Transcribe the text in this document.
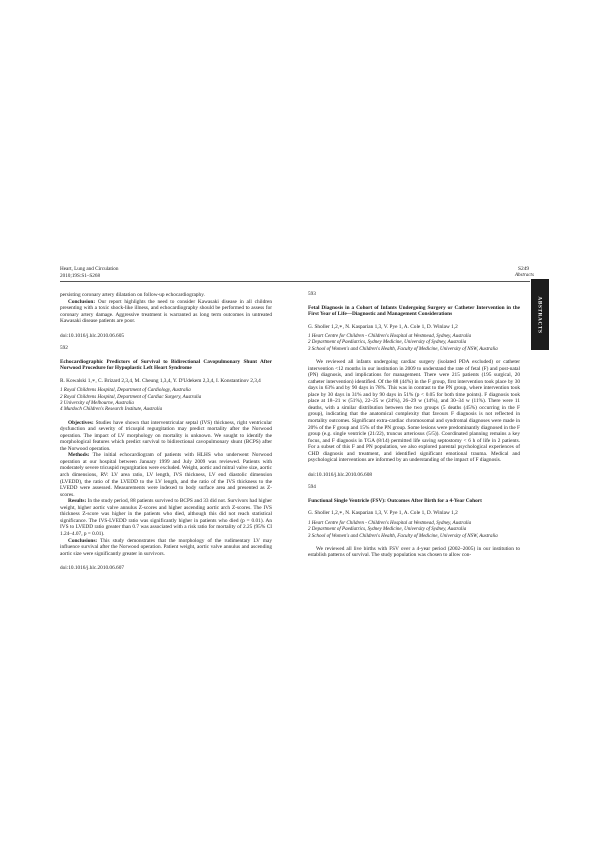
Heart, Lung and Circulation
2010;19S:S1–S268
S249
Abstracts
ABSTRACTS

persisting coronary artery dilatation on follow-up echocardiography.

Conclusion: Our report highlights the need to consider Kawasaki disease in all children presenting with a toxic shock-like illness, and echocardiography should be performed to assess for coronary artery damage. Aggressive treatment is warranted as long term outcomes in untreated Kawasaki disease patients are poor.

doi:10.1016/j.hlc.2010.06.605

592

Echocardiographic Predictors of Survival to Bidirectional Cavopulmonary Shunt After Norwood Procedure for Hypoplastic Left Heart Syndrome

R. Kowalski 1,∗, C. Brizard 2,3,4, M. Cheung 1,3,4, Y. D'Udekem 2,3,4, I. Konstantinov 2,3,4

1 Royal Childrens Hospital, Department of Cardiology, Australia
2 Royal Childrens Hospital, Department of Cardiac Surgery, Australia
3 University of Melbourne, Australia
4 Murdoch Children's Research Institute, Australia

Objectives: Studies have shown that interventricular septal (IVS) thickness, right ventricular dysfunction and severity of tricuspid regurgitation may predict mortality after the Norwood operation. The impact of LV morphology on mortality is unknown. We sought to identify the morphological features which predict survival to bidirectional cavopulmonary shunt (BCPS) after the Norwood operation.

Methods: The initial echocardiogram of patients with HLHS who underwent Norwood operation at our hospital between January 1999 and July 2009 was reviewed. Patients with moderately severe tricuspid regurgitation were excluded. Weight, aortic and mitral valve size, aortic arch dimensions, RV: LV area ratio, LV length, IVS thickness, LV end diastolic dimension (LVEDD), the ratio of the LVEDD to the LV length, and the ratio of the IVS thickness to the LVEDD were assessed. Measurements were indexed to body surface area and presented as Z-scores.

Results: In the study period, 88 patients survived to BCPS and 33 did not. Survivors had higher weight, higher aortic valve annulus Z-scores and higher ascending aortic arch Z-scores. The IVS thickness Z-score was higher in the patients who died, although this did not reach statistical significance. The IVS-LVEDD ratio was significantly higher in patients who died (p = 0.01). An IVS to LVEDD ratio greater than 0.7 was associated with a risk ratio for mortality of 2.25 (95% CI 1.24–4.07, p = 0.01).

Conclusions: This study demonstrates that the morphology of the rudimentary LV may influence survival after the Norwood operation. Patient weight, aortic valve annulus and ascending aortic size were significantly greater in survivors.

doi:10.1016/j.hlc.2010.06.607

593

Fetal Diagnosis in a Cohort of Infants Undergoing Surgery or Catheter Intervention in the First Year of Life—Diagnostic and Management Considerations

G. Sholler 1,2,∗, N. Kasparian 1,3, V. Pye 1, A. Cole 1, D. Winlaw 1,2

1 Heart Centre for Children - Children's Hospital at Westmead, Sydney, Australia
2 Department of Paediatrics, Sydney Medicine, University of Sydney, Australia
3 School of Women's and Children's Health, Faculty of Medicine, University of NSW, Australia

We reviewed all infants undergoing cardiac surgery (isolated PDA excluded) or catheter intervention <12 months in our institution in 2009 to understand the rate of fetal (F) and post-natal (PN) diagnosis, and implications for management. There were 215 patients (195 surgical, 20 catheter intervention) identified. Of the 88 (44%) in the F group, first intervention took place by 30 days in 63% and by 90 days in 78%. This was in contrast to the PN group, where intervention took place by 30 days in 31% and by 90 days in 51% (p < 0.05 for both time points). F diagnosis took place at 18–21 w (51%), 22–25 w (24%), 26–29 w (14%), and 30–34 w (11%). There were 11 deaths, with a similar distribution between the two groups (5 deaths (45%) occurring in the F group), indicating that the anatomical complexity that favours F diagnosis is not reflected in mortality outcomes. Significant extra-cardiac chromosomal and syndromal diagnoses were made in 20% of the F group and 15% of the PN group. Some lesions were predominantly diagnosed in the F group (e.g. single ventricle (21/22), truncus arteriosus (5/5)). Coordinated planning remains a key focus, and F diagnosis in TGA (8/14) permitted life saving septostomy < 6 h of life in 2 patients. For a subset of this F and PN population, we also explored parental psychological experiences of CHD diagnosis and treatment, and identified significant emotional trauma. Medical and psychological interventions are informed by an understanding of the impact of F diagnosis.

doi:10.1016/j.hlc.2010.06.608

594

Functional Single Ventricle (FSV): Outcomes After Birth for a 4-Year Cohort

G. Sholler 1,2,∗, N. Kasparian 1,3, V. Pye 1, A. Cole 1, D. Winlaw 1,2

1 Heart Centre for Children - Children's Hospital at Westmead, Sydney, Australia
2 Department of Paediatrics, Sydney Medicine, University of Sydney, Australia
3 School of Women's and Children's Health, Faculty of Medicine, University of NSW, Australia

We reviewed all live births with FSV over a 4-year period (2002–2005) in our institution to establish patterns of survival. The study population was chosen to allow con-
